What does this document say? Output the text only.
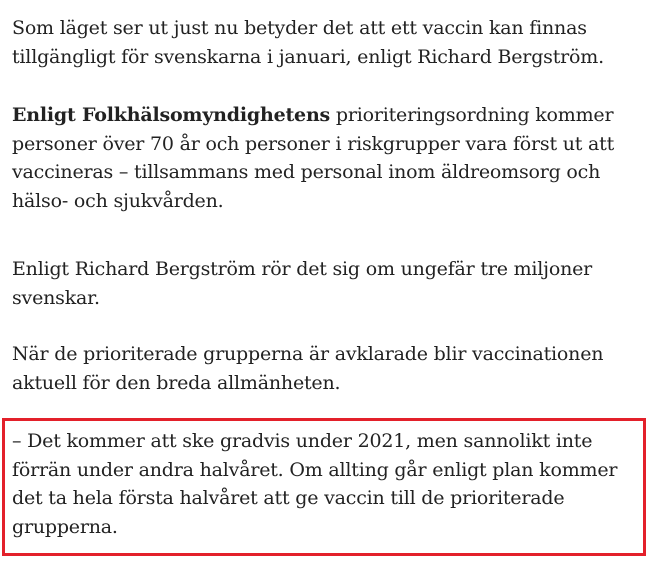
Som läget ser ut just nu betyder det att ett vaccin kan finnas tillgängligt för svenskarna i januari, enligt Richard Bergström.

Enligt Folkhälsomyndighetens prioriteringsordning kommer personer över 70 år och personer i riskgrupper vara först ut att vaccineras – tillsammans med personal inom äldreomsorg och hälso- och sjukvården.

Enligt Richard Bergström rör det sig om ungefär tre miljoner svenskar.

När de prioriterade grupperna är avklarade blir vaccinationen aktuell för den breda allmänheten.

– Det kommer att ske gradvis under 2021, men sannolikt inte förrän under andra halvåret. Om allting går enligt plan kommer det ta hela första halvåret att ge vaccin till de prioriterade grupperna.
